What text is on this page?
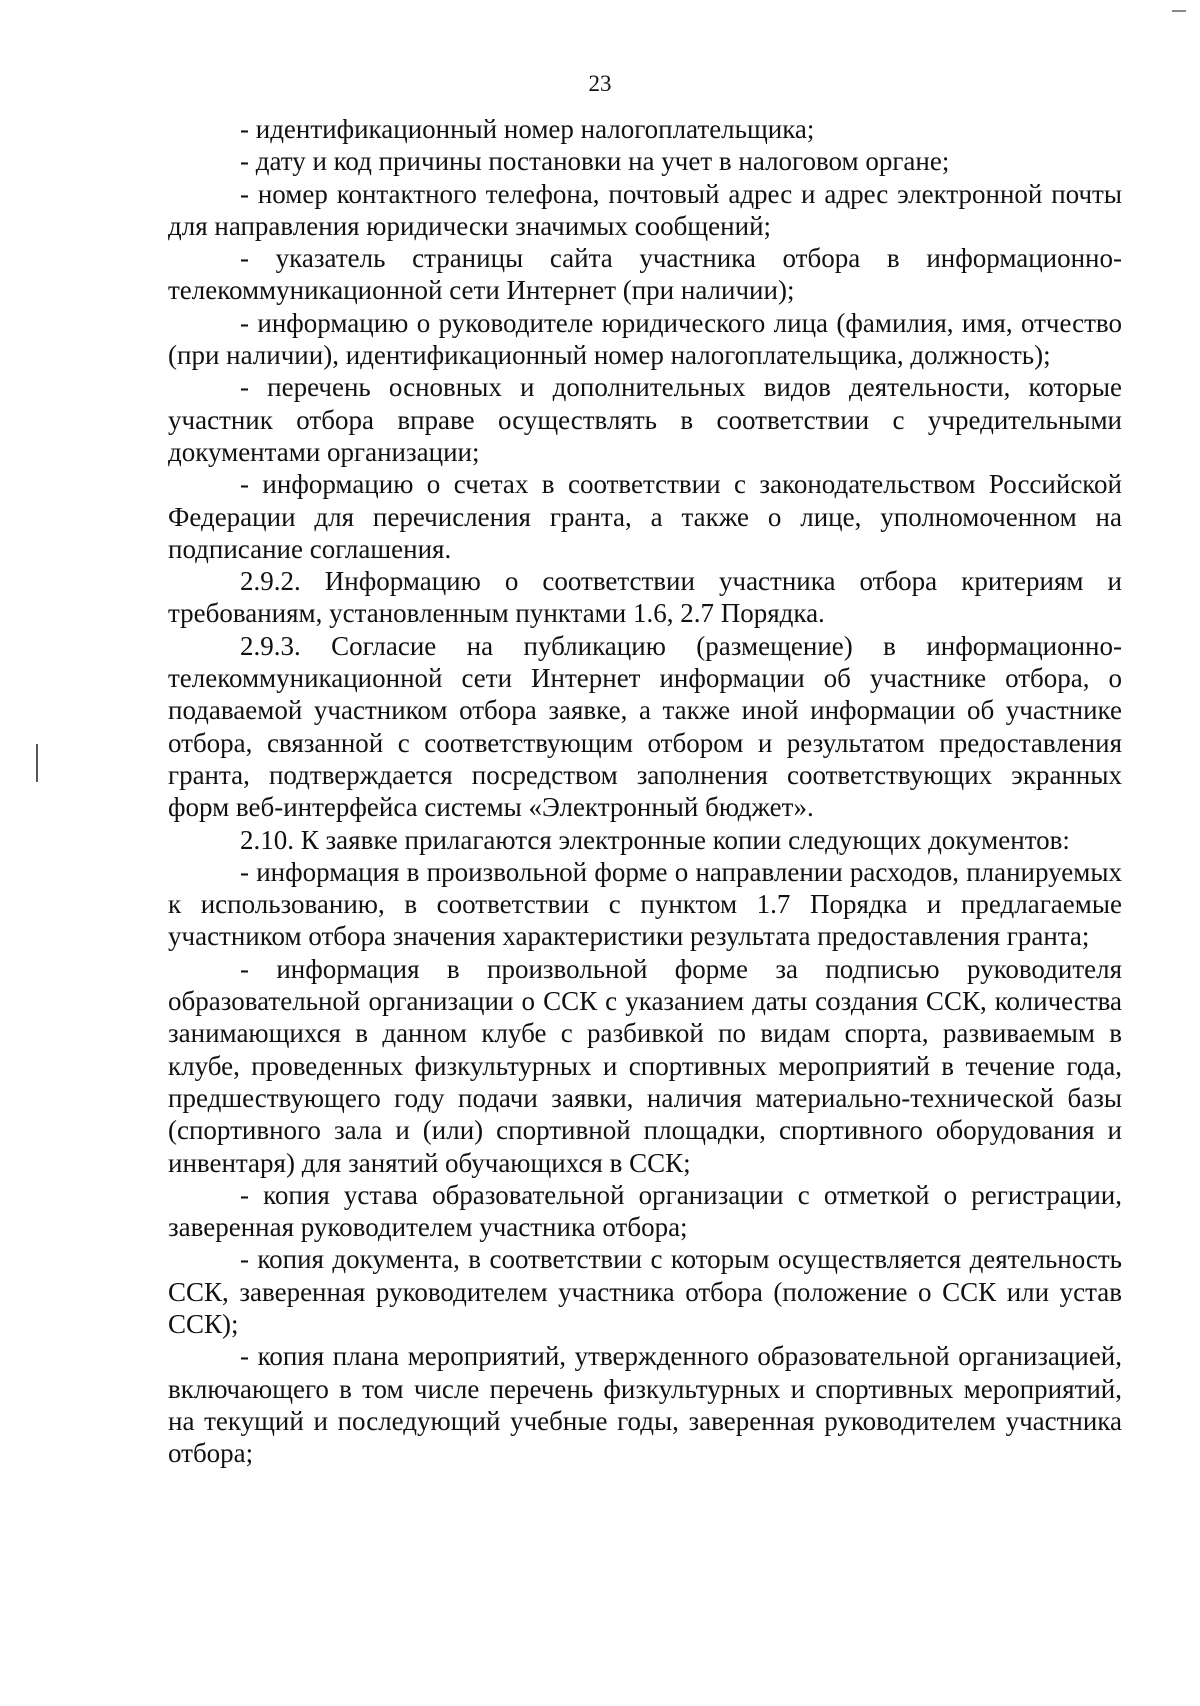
23

- идентификационный номер налогоплательщика;

- дату и код причины постановки на учет в налоговом органе;

- номер контактного телефона, почтовый адрес и адрес электронной почты для направления юридически значимых сообщений;

- указатель страницы сайта участника отбора в информационно-телекоммуникационной сети Интернет (при наличии);

- информацию о руководителе юридического лица (фамилия, имя, отчество (при наличии), идентификационный номер налогоплательщика, должность);

- перечень основных и дополнительных видов деятельности, которые участник отбора вправе осуществлять в соответствии с учредительными документами организации;

- информацию о счетах в соответствии с законодательством Российской Федерации для перечисления гранта, а также о лице, уполномоченном на подписание соглашения.

2.9.2. Информацию о соответствии участника отбора критериям и требованиям, установленным пунктами 1.6, 2.7 Порядка.

2.9.3. Согласие на публикацию (размещение) в информационно-телекоммуникационной сети Интернет информации об участнике отбора, о подаваемой участником отбора заявке, а также иной информации об участнике отбора, связанной с соответствующим отбором и результатом предоставления гранта, подтверждается посредством заполнения соответствующих экранных форм веб-интерфейса системы «Электронный бюджет».

2.10. К заявке прилагаются электронные копии следующих документов:

- информация в произвольной форме о направлении расходов, планируемых к использованию, в соответствии с пунктом 1.7 Порядка и предлагаемые участником отбора значения характеристики результата предоставления гранта;

- информация в произвольной форме за подписью руководителя образовательной организации о ССК с указанием даты создания ССК, количества занимающихся в данном клубе с разбивкой по видам спорта, развиваемым в клубе, проведенных физкультурных и спортивных мероприятий в течение года, предшествующего году подачи заявки, наличия материально-технической базы (спортивного зала и (или) спортивной площадки, спортивного оборудования и инвентаря) для занятий обучающихся в ССК;

- копия устава образовательной организации с отметкой о регистрации, заверенная руководителем участника отбора;

- копия документа, в соответствии с которым осуществляется деятельность ССК, заверенная руководителем участника отбора (положение о ССК или устав ССК);

- копия плана мероприятий, утвержденного образовательной организацией, включающего в том числе перечень физкультурных и спортивных мероприятий, на текущий и последующий учебные годы, заверенная руководителем участника отбора;
